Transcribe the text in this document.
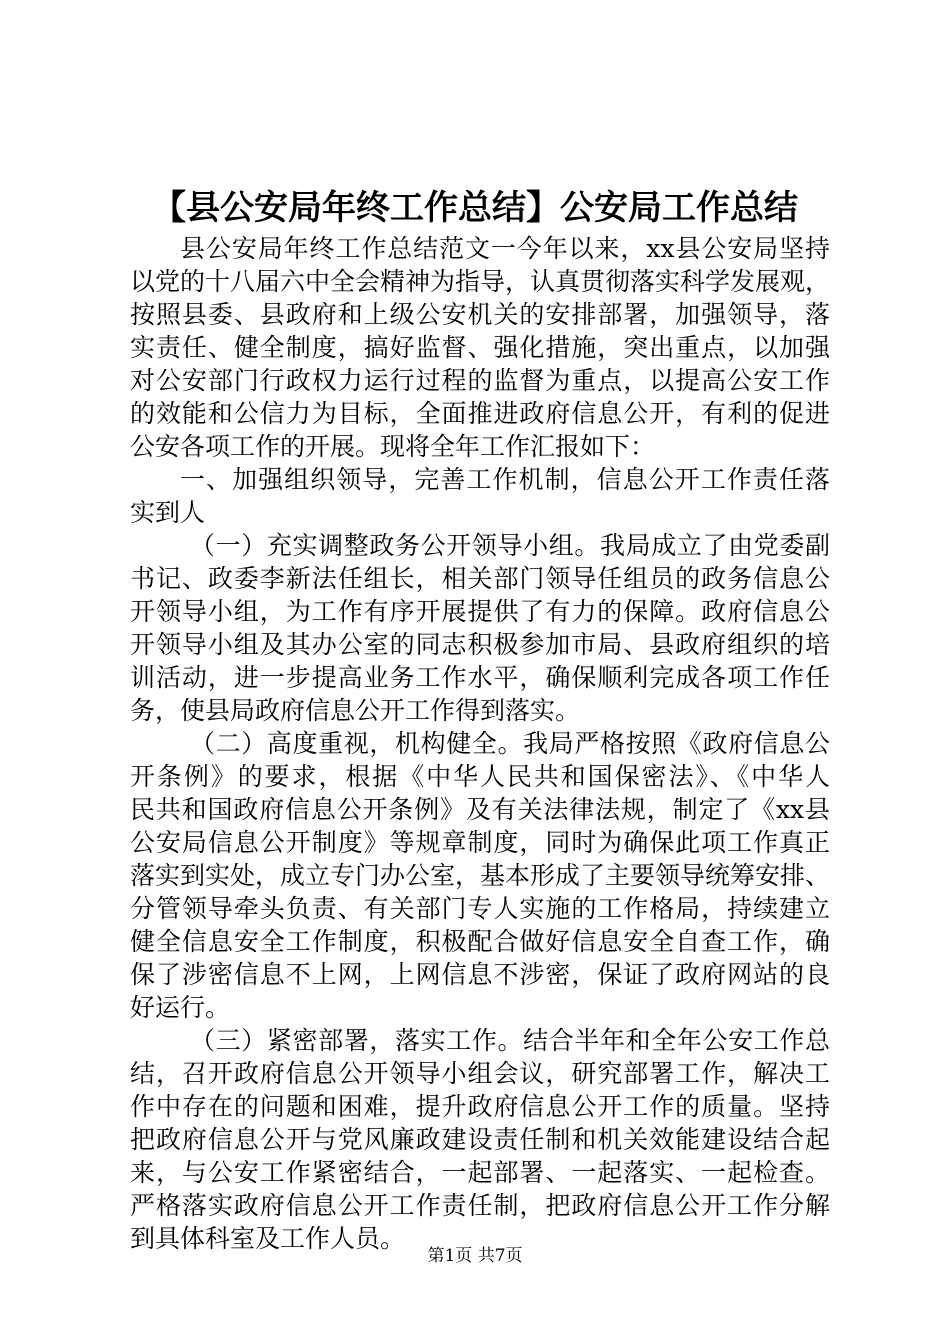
【县公安局年终工作总结】公安局工作总结
县公安局年终工作总结范文一今年以来，xx县公安局坚持
以党的十八届六中全会精神为指导，认真贯彻落实科学发展观，
按照县委、县政府和上级公安机关的安排部署，加强领导，落
实责任、健全制度，搞好监督、强化措施，突出重点，以加强
对公安部门行政权力运行过程的监督为重点，以提高公安工作
的效能和公信力为目标，全面推进政府信息公开，有利的促进
公安各项工作的开展。现将全年工作汇报如下：
一、加强组织领导，完善工作机制，信息公开工作责任落
实到人
（一）充实调整政务公开领导小组。我局成立了由党委副
书记、政委李新法任组长，相关部门领导任组员的政务信息公
开领导小组，为工作有序开展提供了有力的保障。政府信息公
开领导小组及其办公室的同志积极参加市局、县政府组织的培
训活动，进一步提高业务工作水平，确保顺利完成各项工作任
务，使县局政府信息公开工作得到落实。
（二）高度重视，机构健全。我局严格按照《政府信息公
开条例》的要求，根据《中华人民共和国保密法》、《中华人
民共和国政府信息公开条例》及有关法律法规，制定了《xx县
公安局信息公开制度》等规章制度，同时为确保此项工作真正
落实到实处，成立专门办公室，基本形成了主要领导统筹安排、
分管领导牵头负责、有关部门专人实施的工作格局，持续建立
健全信息安全工作制度，积极配合做好信息安全自查工作，确
保了涉密信息不上网，上网信息不涉密，保证了政府网站的良
好运行。
（三）紧密部署，落实工作。结合半年和全年公安工作总
结，召开政府信息公开领导小组会议，研究部署工作，解决工
作中存在的问题和困难，提升政府信息公开工作的质量。坚持
把政府信息公开与党风廉政建设责任制和机关效能建设结合起
来，与公安工作紧密结合，一起部署、一起落实、一起检查。
严格落实政府信息公开工作责任制，把政府信息公开工作分解
到具体科室及工作人员。
第1页 共7页
